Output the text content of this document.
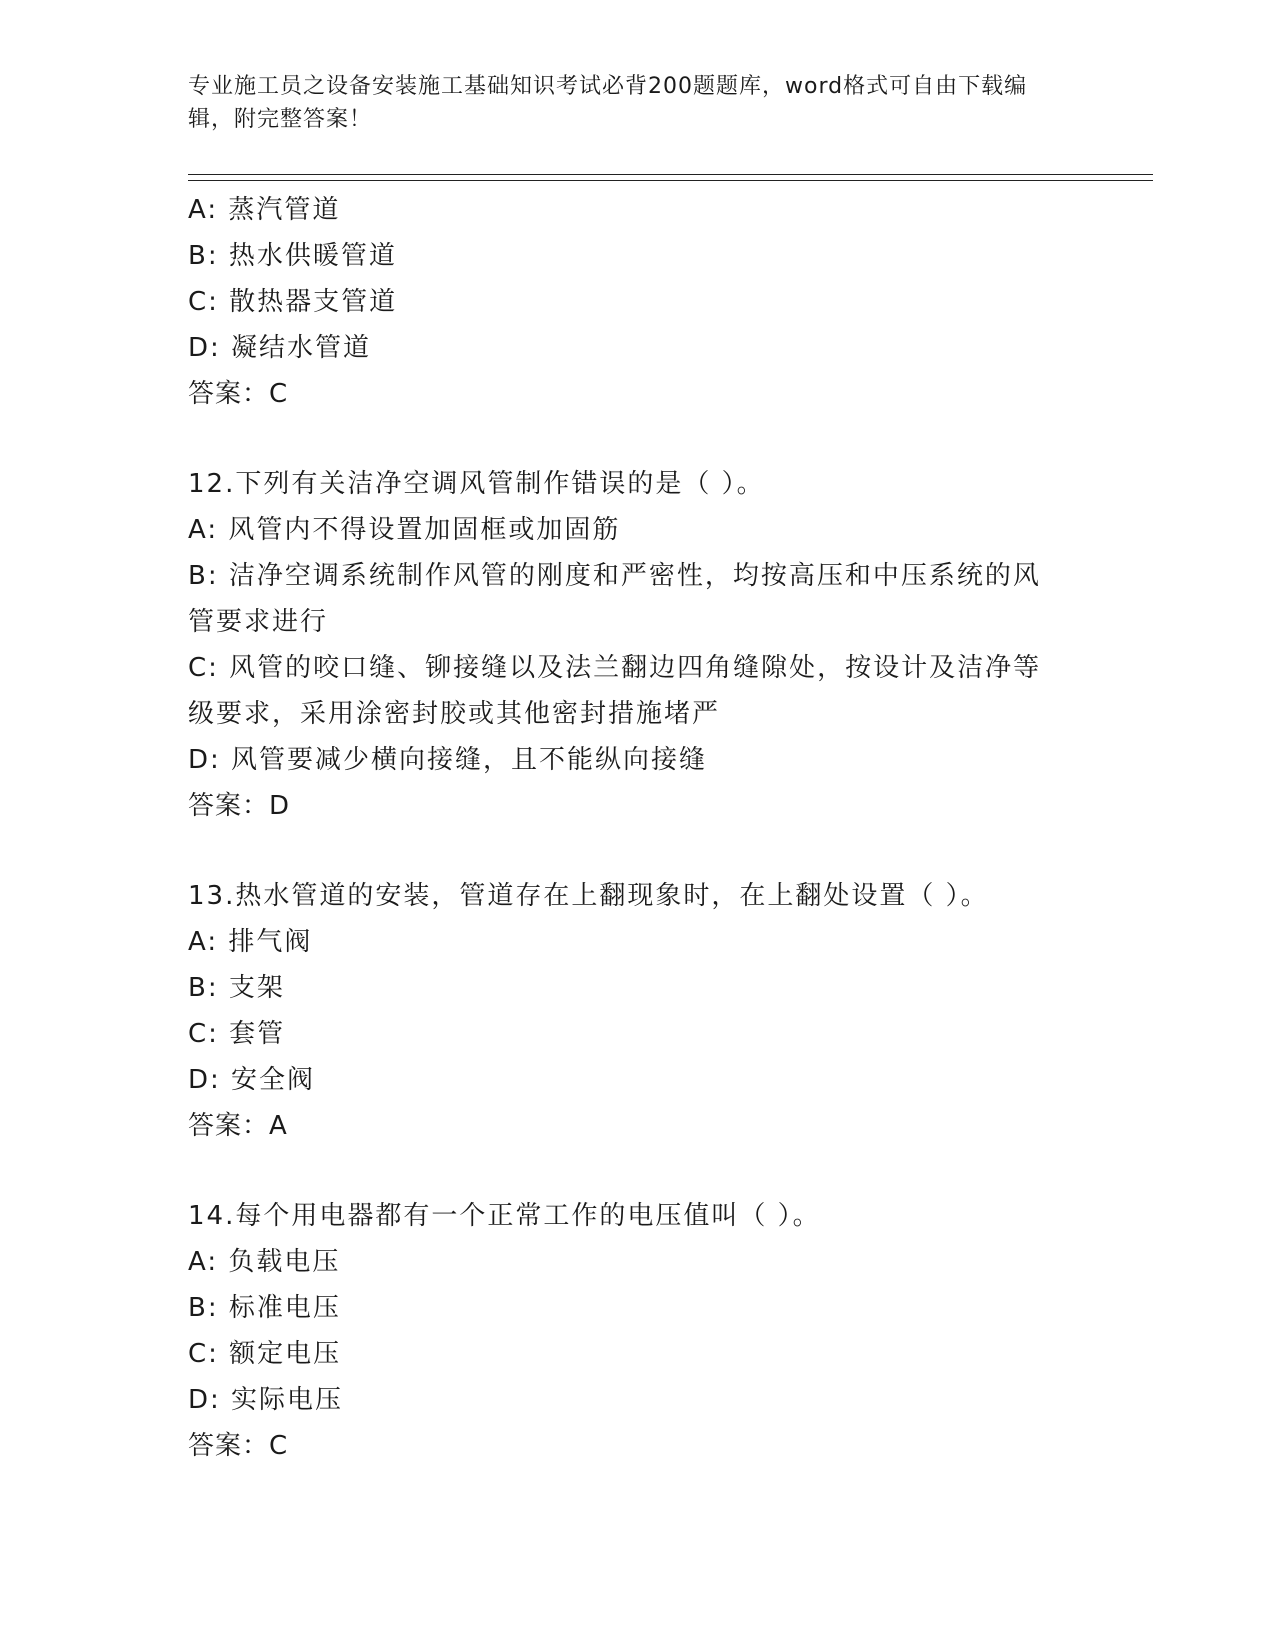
专业施工员之设备安装施工基础知识考试必背200题题库，word格式可自由下载编辑，附完整答案！
A: 蒸汽管道
B: 热水供暖管道
C: 散热器支管道
D: 凝结水管道
答案：C
12.下列有关洁净空调风管制作错误的是（ ）。
A: 风管内不得设置加固框或加固筋
B: 洁净空调系统制作风管的刚度和严密性，均按高压和中压系统的风管要求进行
C: 风管的咬口缝、铆接缝以及法兰翻边四角缝隙处，按设计及洁净等级要求，采用涂密封胶或其他密封措施堵严
D: 风管要减少横向接缝，且不能纵向接缝
答案：D
13.热水管道的安装，管道存在上翻现象时，在上翻处设置（ ）。
A: 排气阀
B: 支架
C: 套管
D: 安全阀
答案：A
14.每个用电器都有一个正常工作的电压值叫（ ）。
A: 负载电压
B: 标准电压
C: 额定电压
D: 实际电压
答案：C
